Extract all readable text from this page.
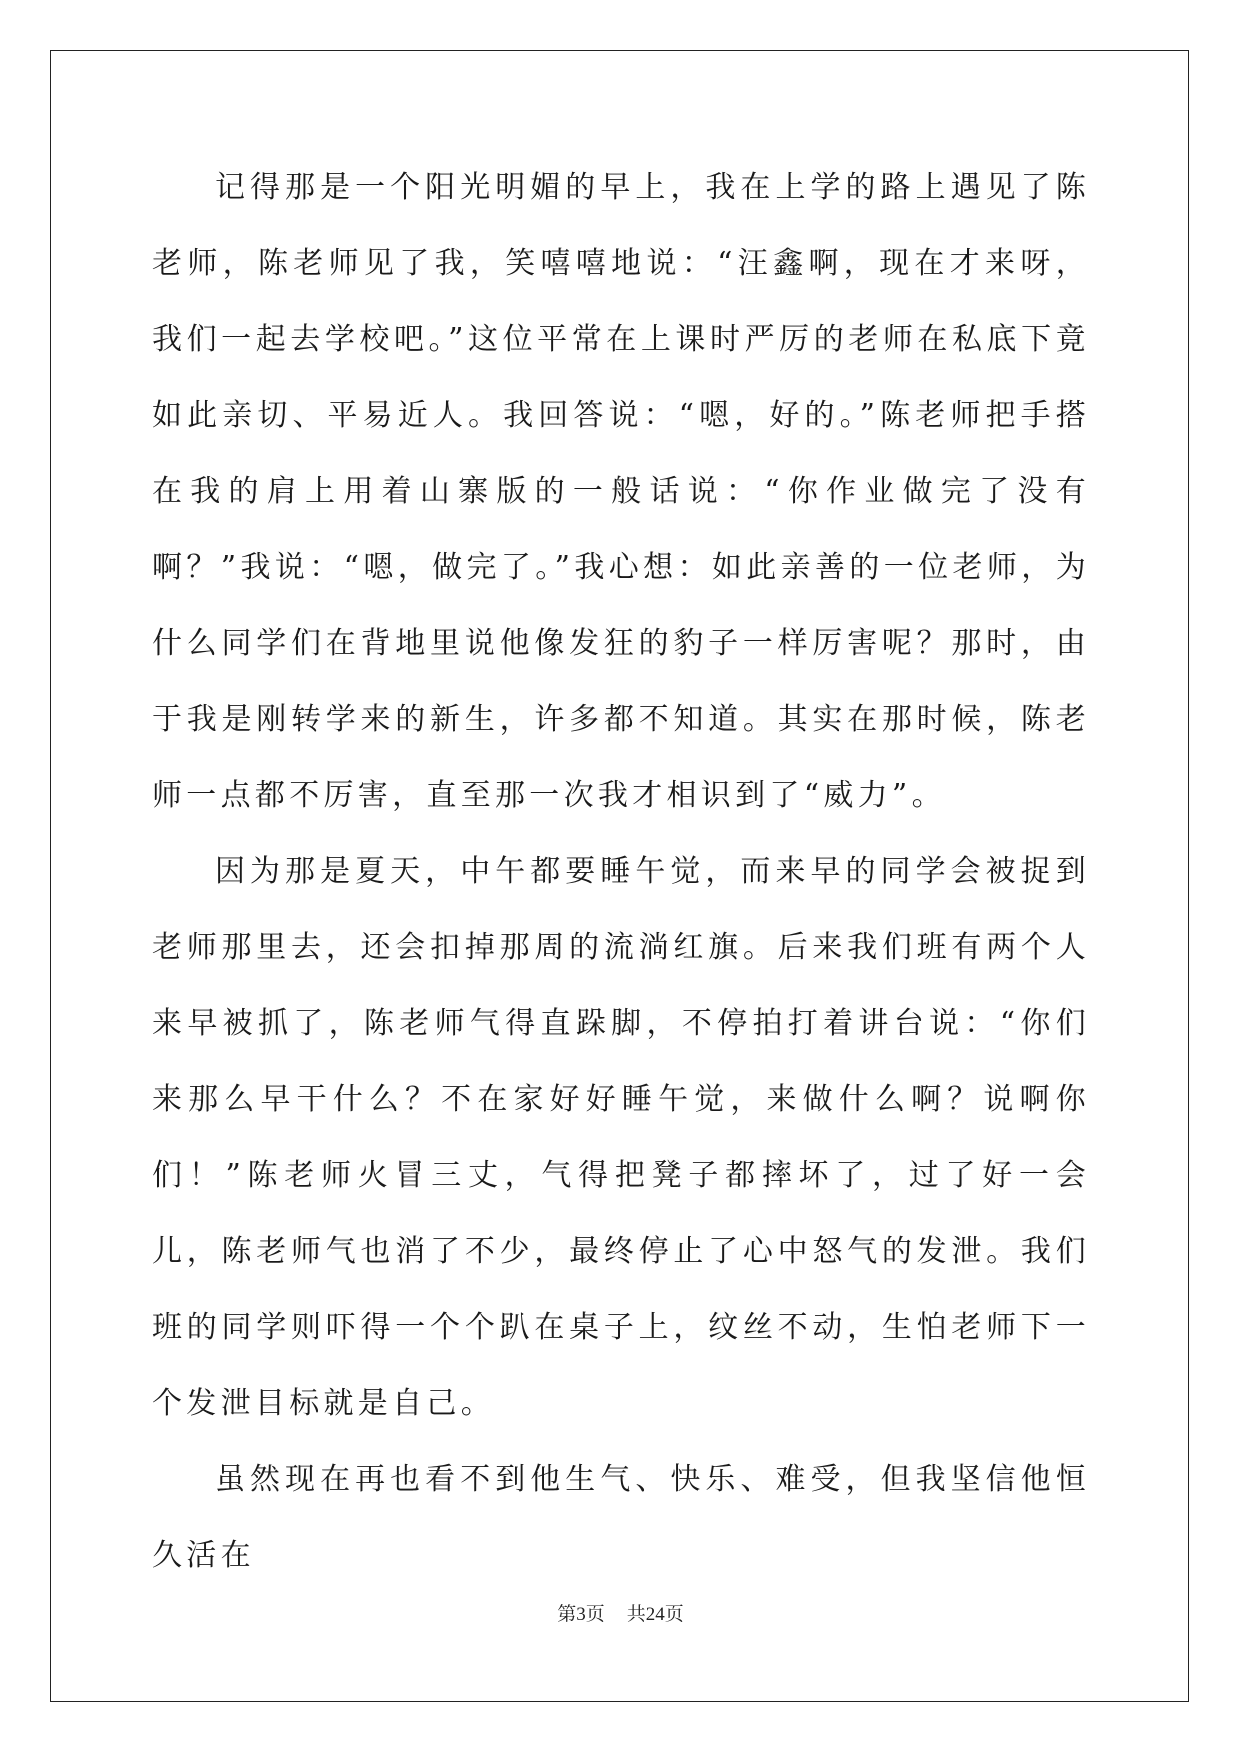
记得那是一个阳光明媚的早上，我在上学的路上遇见了陈老师，陈老师见了我，笑嘻嘻地说：“汪鑫啊，现在才来呀，我们一起去学校吧。”这位平常在上课时严厉的老师在私底下竟如此亲切、平易近人。我回答说：“嗯，好的。”陈老师把手搭在我的肩上用着山寨版的一般话说：“你作业做完了没有啊？”我说：“嗯，做完了。”我心想：如此亲善的一位老师，为什么同学们在背地里说他像发狂的豹子一样厉害呢？那时，由于我是刚转学来的新生，许多都不知道。其实在那时候，陈老师一点都不厉害，直至那一次我才相识到了“威力”。

因为那是夏天，中午都要睡午觉，而来早的同学会被捉到老师那里去，还会扣掉那周的流淌红旗。后来我们班有两个人来早被抓了，陈老师气得直跺脚，不停拍打着讲台说：“你们来那么早干什么？不在家好好睡午觉，来做什么啊？说啊你们！”陈老师火冒三丈，气得把凳子都摔坏了，过了好一会儿，陈老师气也消了不少，最终停止了心中怒气的发泄。我们班的同学则吓得一个个趴在桌子上，纹丝不动，生怕老师下一个发泄目标就是自己。

虽然现在再也看不到他生气、快乐、难受，但我坚信他恒久活在

第3页 共24页
